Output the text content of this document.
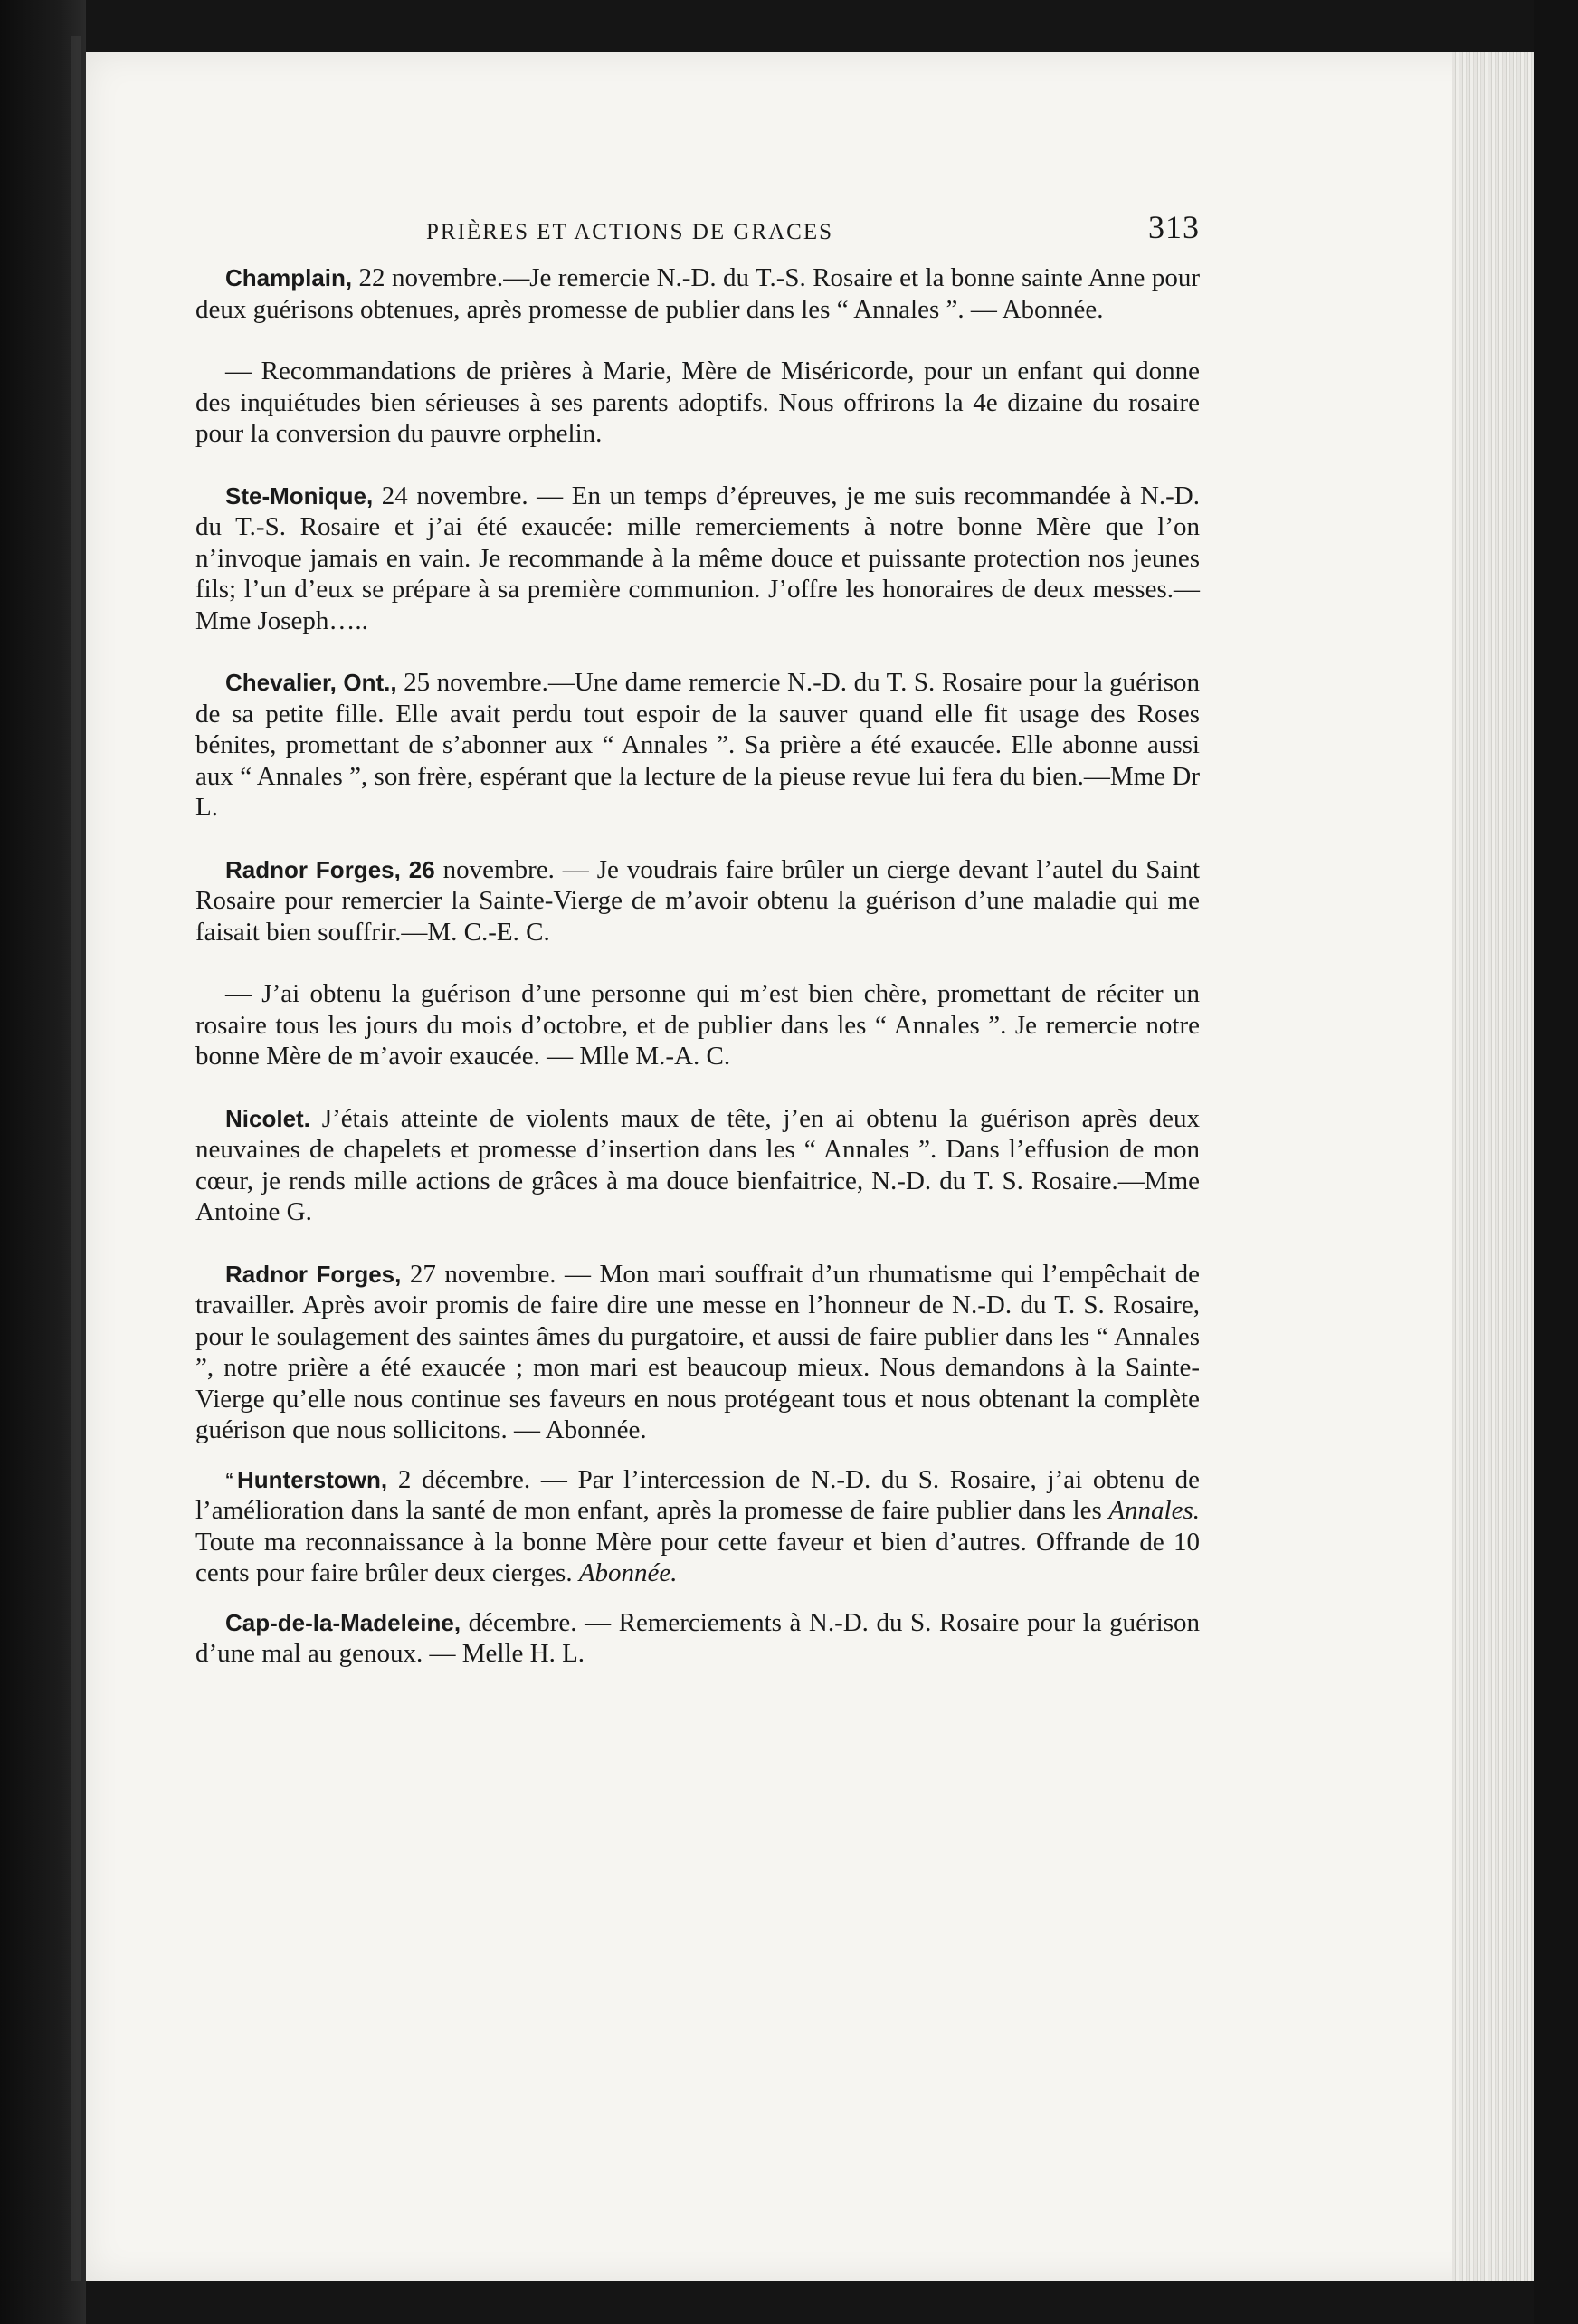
PRIÈRES ET ACTIONS DE GRACES	313

Champlain, 22 novembre.—Je remercie N.-D. du T.-S. Rosaire et la bonne sainte Anne pour deux guérisons obtenues, après promesse de publier dans les “ Annales ”. — Abonnée.

— Recommandations de prières à Marie, Mère de Miséricorde, pour un enfant qui donne des inquiétudes bien sérieuses à ses parents adoptifs. Nous offrirons la 4e dizaine du rosaire pour la conversion du pauvre orphelin.

Ste-Monique, 24 novembre. — En un temps d’épreuves, je me suis recommandée à N.-D. du T.-S. Rosaire et j’ai été exaucée: mille remerciements à notre bonne Mère que l’on n’invoque jamais en vain. Je recommande à la même douce et puissante protection nos jeunes fils; l’un d’eux se prépare à sa première communion. J’offre les honoraires de deux messes.—Mme Joseph…..

Chevalier, Ont., 25 novembre.—Une dame remercie N.-D. du T. S. Rosaire pour la guérison de sa petite fille. Elle avait perdu tout espoir de la sauver quand elle fit usage des Roses bénites, promettant de s’abonner aux “ Annales ”. Sa prière a été exaucée. Elle abonne aussi aux “ Annales ”, son frère, espérant que la lecture de la pieuse revue lui fera du bien.—Mme Dr L.

Radnor Forges, 26 novembre. — Je voudrais faire brûler un cierge devant l’autel du Saint Rosaire pour remercier la Sainte-Vierge de m’avoir obtenu la guérison d’une maladie qui me faisait bien souffrir.—M. C.-E. C.

— J’ai obtenu la guérison d’une personne qui m’est bien chère, promettant de réciter un rosaire tous les jours du mois d’octobre, et de publier dans les “ Annales ”. Je remercie notre bonne Mère de m’avoir exaucée. — Mlle M.-A. C.

Nicolet. J’étais atteinte de violents maux de tête, j’en ai obtenu la guérison après deux neuvaines de chapelets et promesse d’insertion dans les “ Annales ”. Dans l’effusion de mon cœur, je rends mille actions de grâces à ma douce bienfaitrice, N.-D. du T. S. Rosaire.—Mme Antoine G.

Radnor Forges, 27 novembre. — Mon mari souffrait d’un rhumatisme qui l’empêchait de travailler. Après avoir promis de faire dire une messe en l’honneur de N.-D. du T. S. Rosaire, pour le soulagement des saintes âmes du purgatoire, et aussi de faire publier dans les “ Annales ”, notre prière a été exaucée ; mon mari est beaucoup mieux. Nous demandons à la Sainte-Vierge qu’elle nous continue ses faveurs en nous protégeant tous et nous obtenant la complète guérison que nous sollicitons. — Abonnée.

“ Hunterstown, 2 décembre. — Par l’intercession de N.-D. du S. Rosaire, j’ai obtenu de l’amélioration dans la santé de mon enfant, après la promesse de faire publier dans les Annales. Toute ma reconnaissance à la bonne Mère pour cette faveur et bien d’autres. Offrande de 10 cents pour faire brûler deux cierges. Abonnée.

Cap-de-la-Madeleine, décembre. — Remerciements à N.-D. du S. Rosaire pour la guérison d’une mal au genoux. — Melle H. L.
